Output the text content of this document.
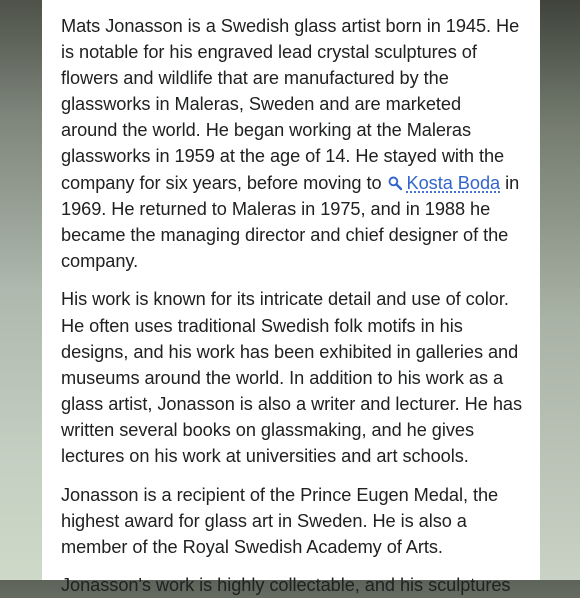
Mats Jonasson is a Swedish glass artist born in 1945. He is notable for his engraved lead crystal sculptures of flowers and wildlife that are manufactured by the glassworks in Maleras, Sweden and are marketed around the world. He began working at the Maleras glassworks in 1959 at the age of 14. He stayed with the company for six years, before moving to Kosta Boda in 1969. He returned to Maleras in 1975, and in 1988 he became the managing director and chief designer of the company.

His work is known for its intricate detail and use of color. He often uses traditional Swedish folk motifs in his designs, and his work has been exhibited in galleries and museums around the world. In addition to his work as a glass artist, Jonasson is also a writer and lecturer. He has written several books on glassmaking, and he gives lectures on his work at universities and art schools.

Jonasson is a recipient of the Prince Eugen Medal, the highest award for glass art in Sweden. He is also a member of the Royal Swedish Academy of Arts.

Jonasson's work is highly collectable, and his sculptures
